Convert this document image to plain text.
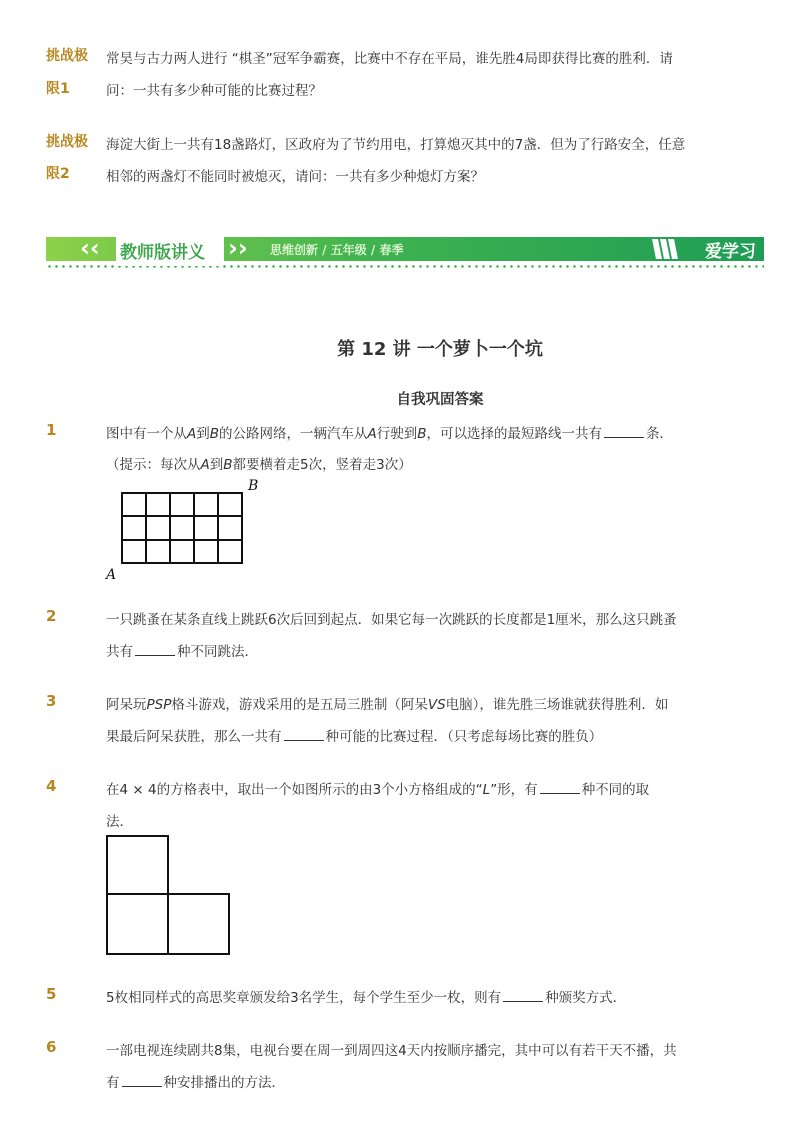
挑战极
限1
常昊与古力两人进行 “棋圣”冠军争霸赛，比赛中不存在平局，谁先胜4局即获得比赛的胜利．请
问：一共有多少种可能的比赛过程？
挑战极
限2
海淀大街上一共有18盏路灯，区政府为了节约用电，打算熄灭其中的7盏．但为了行路安全，任意
相邻的两盏灯不能同时被熄灭，请问：一共有多少种熄灯方案？
‹‹ 教师版讲义 ›› 思维创新 / 五年级 / 春季	爱学习
第 12 讲 一个萝卜一个坑
自我巩固答案
1	图中有一个从A到B的公路网络，一辆汽车从A行驶到B，可以选择的最短路线一共有	条．
（提示：每次从A到B都要横着走5次，竖着走3次）
A
B
2	一只跳蚤在某条直线上跳跃6次后回到起点．如果它每一次跳跃的长度都是1厘米，那么这只跳蚤
共有	种不同跳法．
3	阿呆玩PSP格斗游戏，游戏采用的是五局三胜制（阿呆VS电脑），谁先胜三场谁就获得胜利．如
果最后阿呆获胜，那么一共有	种可能的比赛过程．（只考虑每场比赛的胜负）
4	在4 × 4的方格表中，取出一个如图所示的由3个小方格组成的“L”形，有	种不同的取
法．
5	5枚相同样式的高思奖章颁发给3名学生，每个学生至少一枚，则有	种颁奖方式．
6	一部电视连续剧共8集，电视台要在周一到周四这4天内按顺序播完，其中可以有若干天不播，共
有	种安排播出的方法．
